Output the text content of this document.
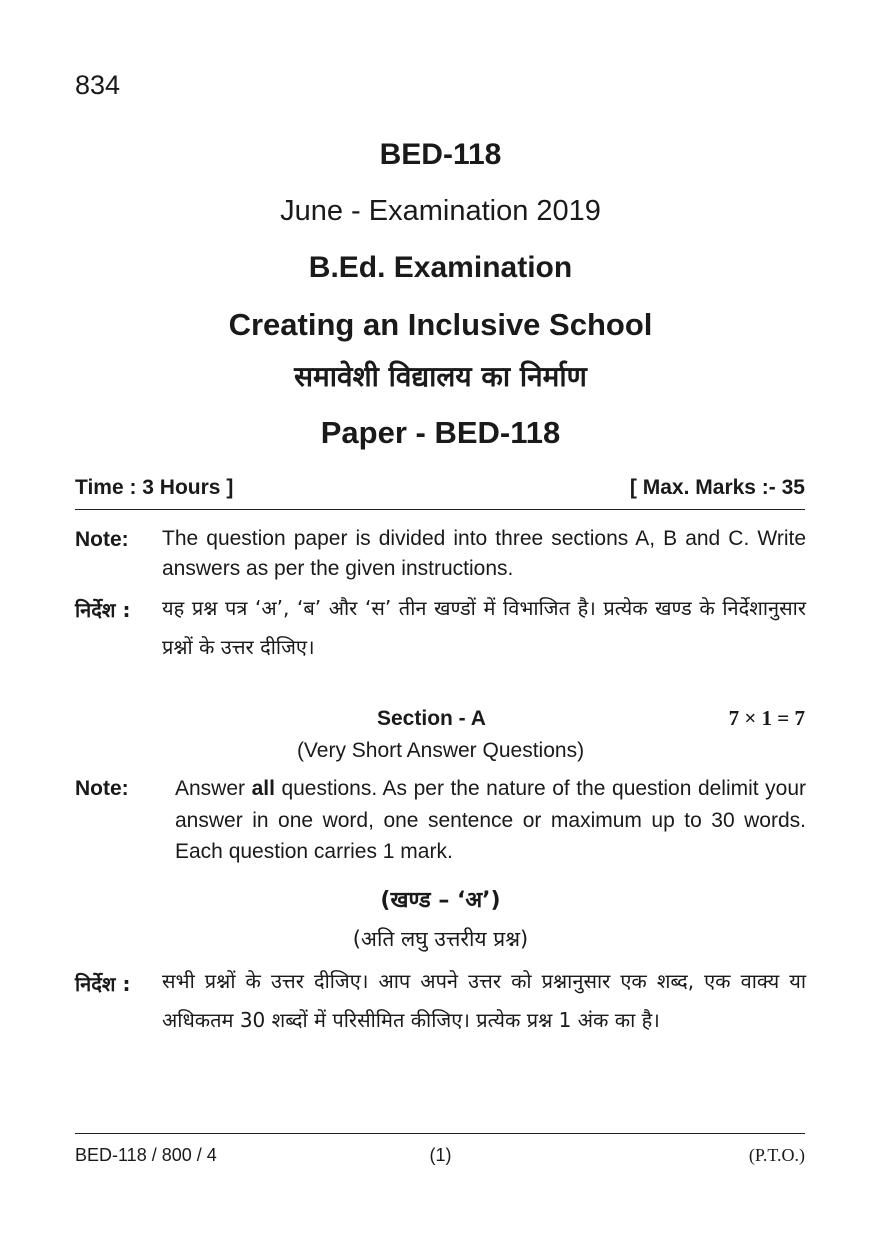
834
BED-118
June - Examination 2019
B.Ed. Examination
Creating an Inclusive School
समावेशी विद्यालय का निर्माण
Paper - BED-118
Time : 3 Hours ]	[ Max. Marks :- 35
Note: The question paper is divided into three sections A, B and C. Write answers as per the given instructions.
निर्देश : यह प्रश्न पत्र ‘अ’, ‘ब’ और ‘स’ तीन खण्डों में विभाजित है। प्रत्येक खण्ड के निर्देशानुसार प्रश्नों के उत्तर दीजिए।
Section - A	7 × 1 = 7
(Very Short Answer Questions)
Note: Answer all questions. As per the nature of the question delimit your answer in one word, one sentence or maximum up to 30 words. Each question carries 1 mark.
(खण्ड – ‘अ’)
(अति लघु उत्तरीय प्रश्न)
निर्देश : सभी प्रश्नों के उत्तर दीजिए। आप अपने उत्तर को प्रश्नानुसार एक शब्द, एक वाक्य या अधिकतम 30 शब्दों में परिसीमित कीजिए। प्रत्येक प्रश्न 1 अंक का है।
BED-118 / 800 / 4	(1)	(P.T.O.)
